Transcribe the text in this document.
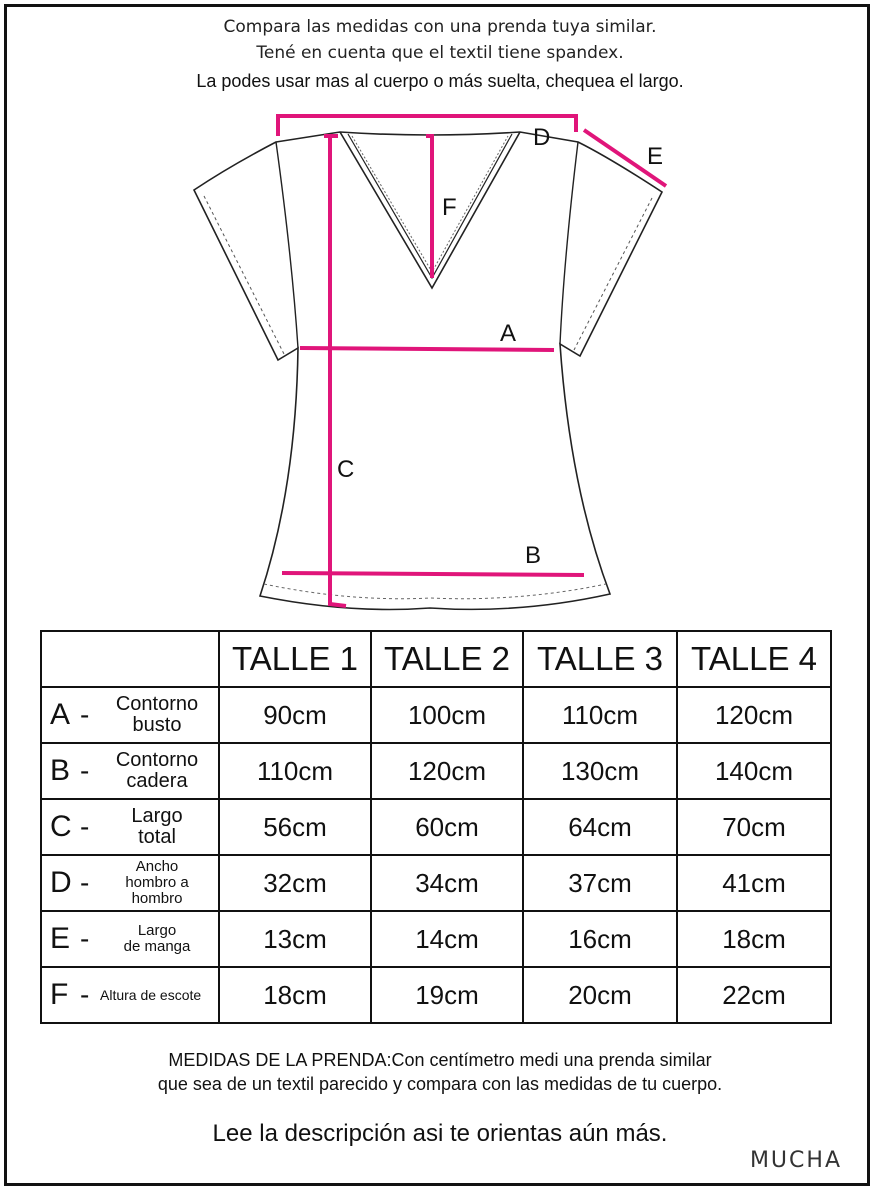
Compara las medidas con una prenda tuya similar.
Tené en cuenta que el textil tiene spandex.
La podes usar mas al cuerpo o más suelta, chequea el largo.
D
E
F
A
C
B
	TALLE 1	TALLE 2	TALLE 3	TALLE 4

A - Contorno
busto	90cm	100cm	110cm	120cm

B - Contorno
cadera	110cm	120cm	130cm	140cm

C - Largo
total	56cm	60cm	64cm	70cm

D -
Ancho
hombro a
hombro	32cm	34cm	37cm	41cm

E - Largo
de manga	13cm	14cm	16cm	18cm

F - Altura de escote	18cm	19cm	20cm	22cm
MEDIDAS DE LA PRENDA:Con centímetro medi una prenda similar
que sea de un textil parecido y compara con las medidas de tu cuerpo.
Lee la descripción asi te orientas aún más.
MUCHA
